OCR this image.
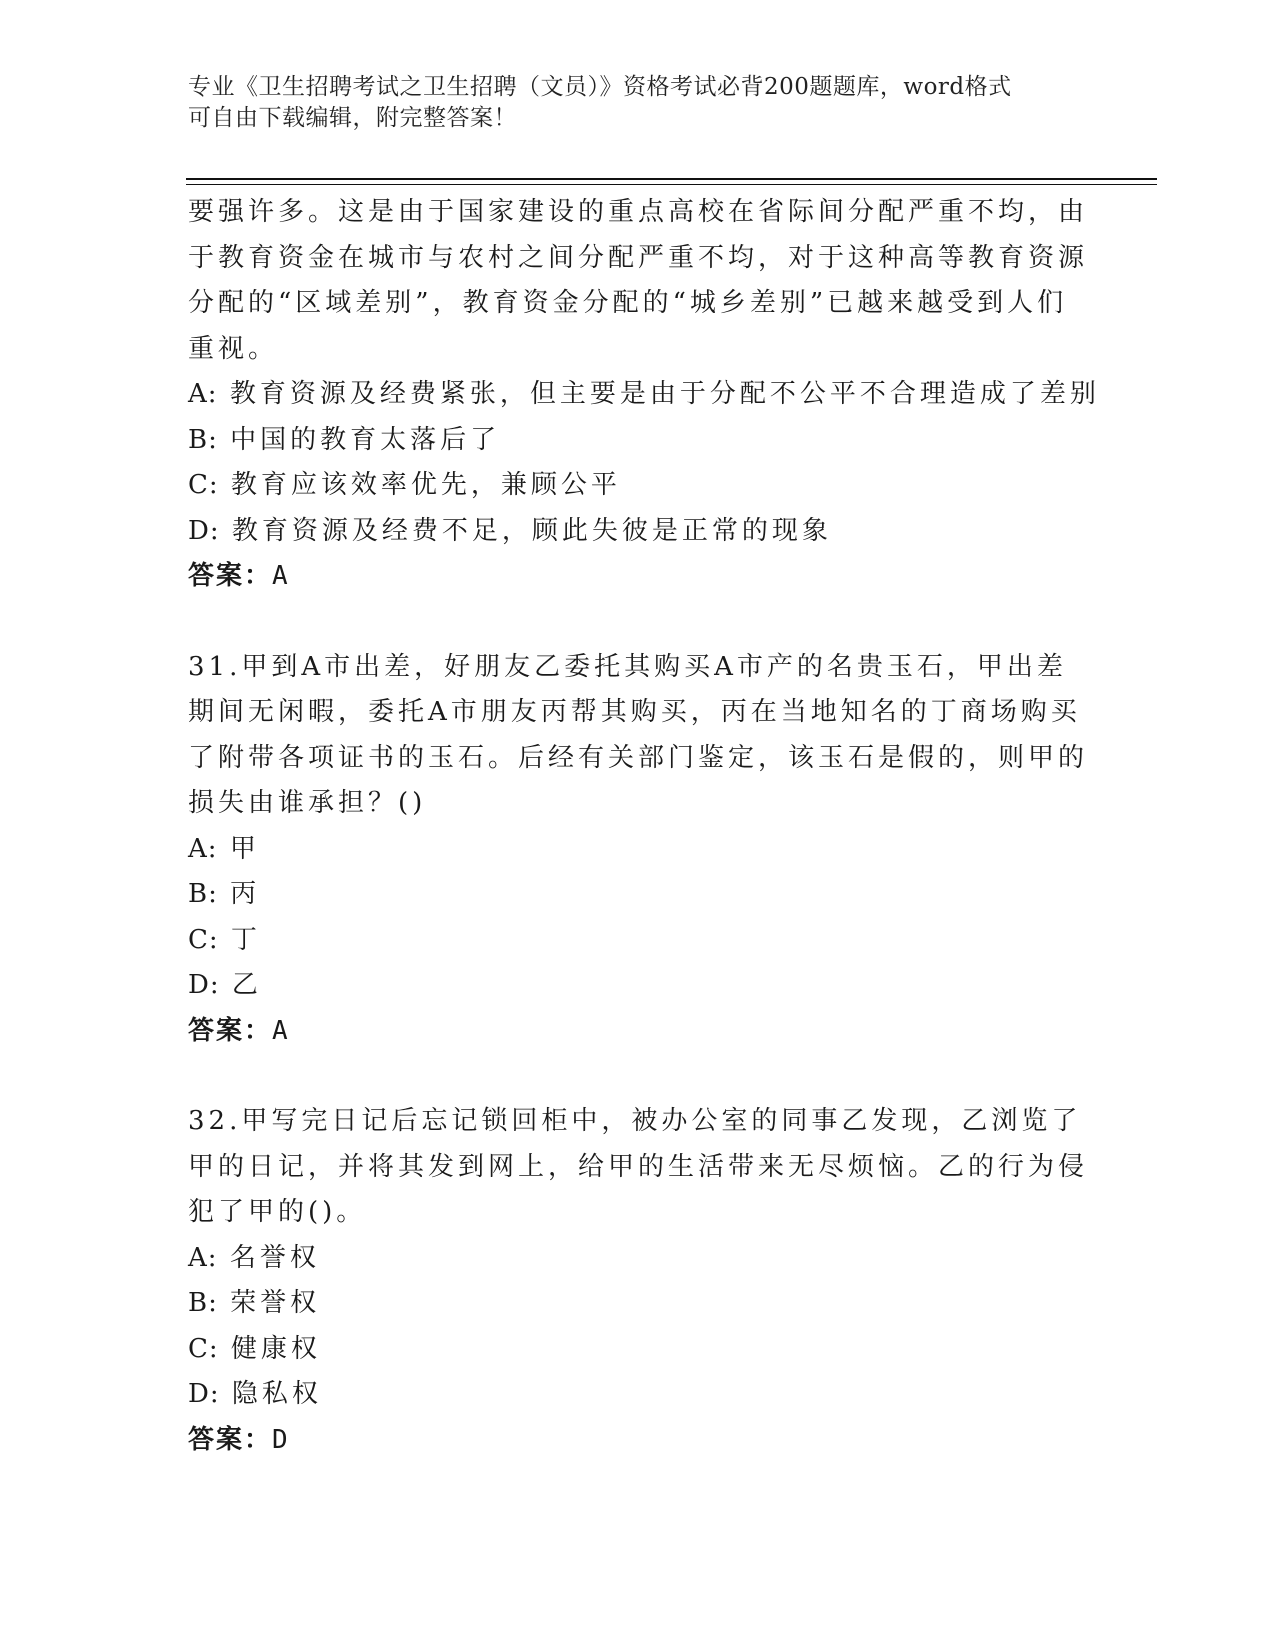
专业《卫生招聘考试之卫生招聘（文员）》资格考试必背200题题库，word格式
可自由下载编辑，附完整答案！

要强许多。这是由于国家建设的重点高校在省际间分配严重不均，由于教育资金在城市与农村之间分配严重不均，对于这种高等教育资源分配的“区域差别”，教育资金分配的“城乡差别”已越来越受到人们重视。

A: 教育资源及经费紧张，但主要是由于分配不公平不合理造成了差别

B: 中国的教育太落后了

C: 教育应该效率优先，兼顾公平

D: 教育资源及经费不足，顾此失彼是正常的现象

答案：A

31.甲到A市出差，好朋友乙委托其购买A市产的名贵玉石，甲出差期间无闲暇，委托A市朋友丙帮其购买，丙在当地知名的丁商场购买了附带各项证书的玉石。后经有关部门鉴定，该玉石是假的，则甲的损失由谁承担？()

A: 甲

B: 丙

C: 丁

D: 乙

答案：A

32.甲写完日记后忘记锁回柜中，被办公室的同事乙发现，乙浏览了甲的日记，并将其发到网上，给甲的生活带来无尽烦恼。乙的行为侵犯了甲的()。

A: 名誉权

B: 荣誉权

C: 健康权

D: 隐私权

答案：D
